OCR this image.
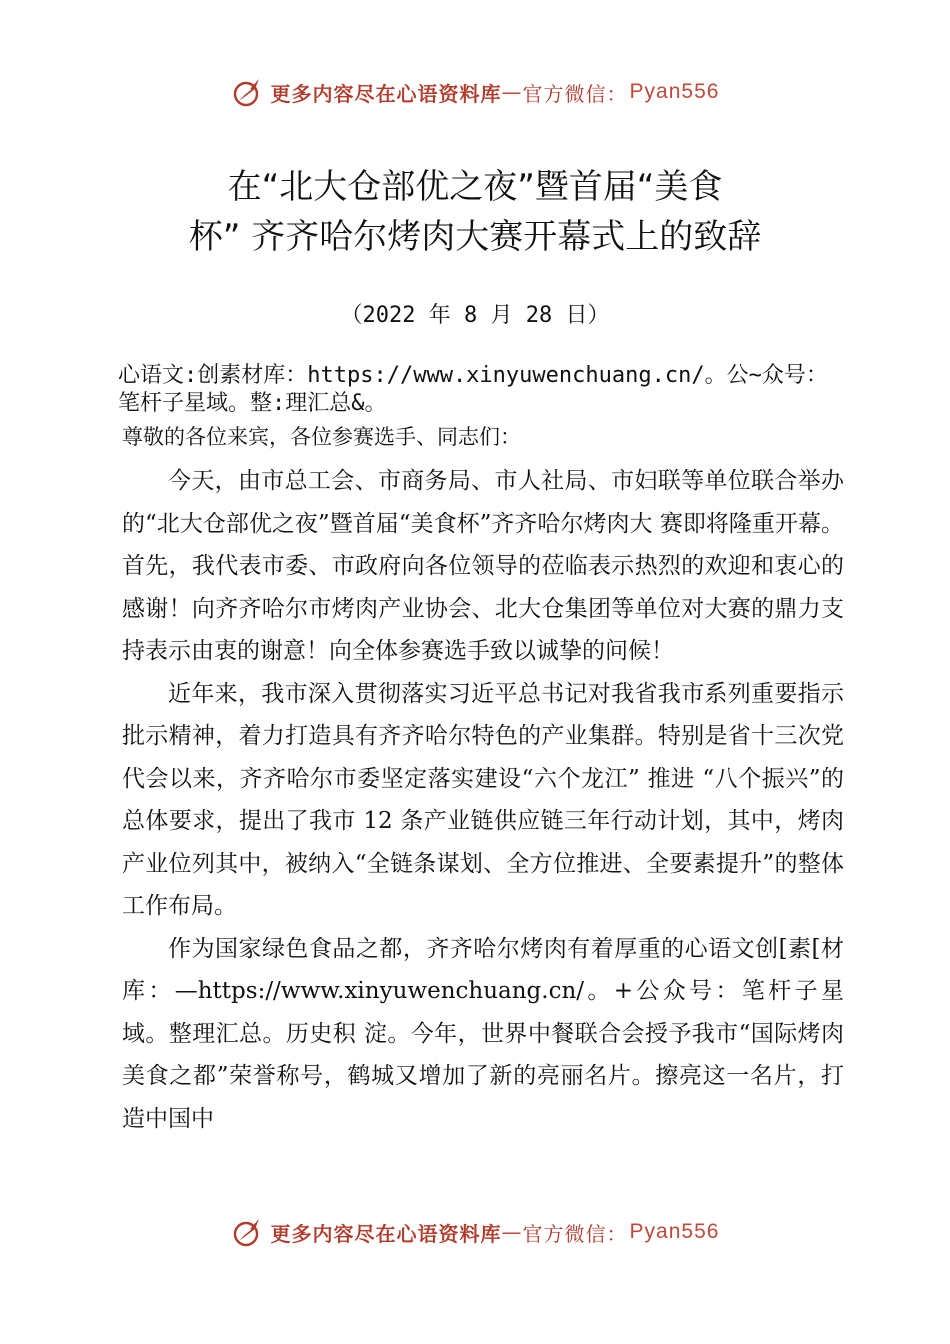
更多内容尽在心语资料库 — 官方微信： Pyan556
在“北大仓部优之夜”暨首届“美食
杯” 齐齐哈尔烤肉大赛开幕式上的致辞
（2022 年 8 月 28 日）
心语文:创素材库：https://www.xinyuwenchuang.cn/。公~众号：
笔杆子星域。整:理汇总&。
尊敬的各位来宾，各位参赛选手、同志们：

今天，由市总工会、市商务局、市人社局、市妇联等单位联合举办的“北大仓部优之夜”暨首届“美食杯”齐齐哈尔烤肉大 赛即将隆重开幕。首先，我代表市委、市政府向各位领导的莅临表示热烈的欢迎和衷心的感谢！向齐齐哈尔市烤肉产业协会、北大仓集团等单位对大赛的鼎力支持表示由衷的谢意！向全体参赛选手致以诚挚的问候！

近年来，我市深入贯彻落实习近平总书记对我省我市系列重要指示批示精神，着力打造具有齐齐哈尔特色的产业集群。特别是省十三次党代会以来，齐齐哈尔市委坚定落实建设“六个龙江” 推进 “八个振兴”的总体要求，提出了我市 12 条产业链供应链三年行动计划，其中，烤肉产业位列其中，被纳入“全链条谋划、全方位推进、全要素提升”的整体工作布局。

作为国家绿色食品之都，齐齐哈尔烤肉有着厚重的心语文创[素[材库：—https://www.xinyuwenchuang.cn/。+公众号：笔杆子星域。整理汇总。历史积 淀。今年，世界中餐联合会授予我市“国际烤肉美食之都”荣誉称号，鹤城又增加了新的亮丽名片。擦亮这一名片，打造中国中

更多内容尽在心语资料库 — 官方微信： Pyan556
